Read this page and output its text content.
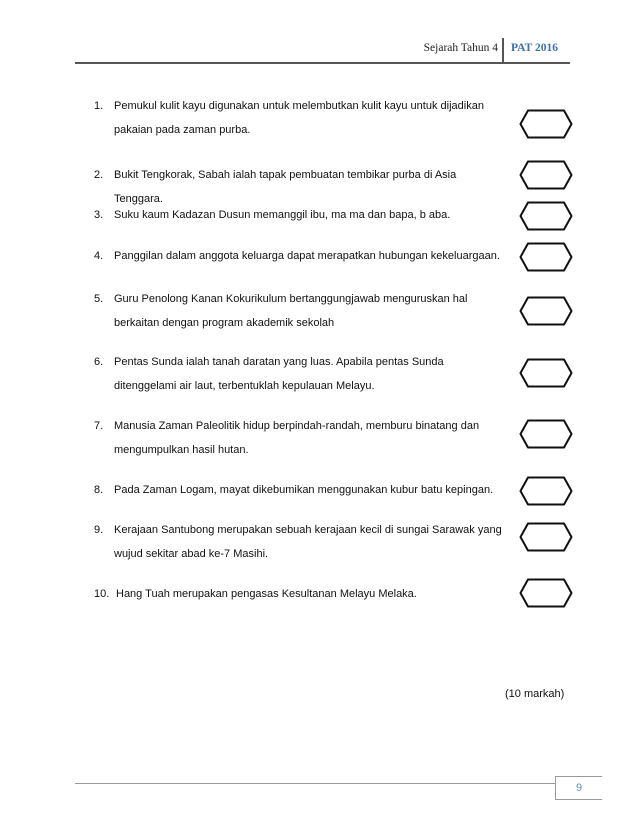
Sejarah Tahun 4 PAT 2016
1. Pemukul kulit kayu digunakan untuk melembutkan kulit kayu untuk dijadikan pakaian pada zaman purba.
2. Bukit Tengkorak, Sabah ialah tapak pembuatan tembikar purba di Asia Tenggara.
3. Suku kaum Kadazan Dusun memanggil ibu, ma ma dan bapa, b aba.
4. Panggilan dalam anggota keluarga dapat merapatkan hubungan kekeluargaan.
5. Guru Penolong Kanan Kokurikulum bertanggungjawab menguruskan hal berkaitan dengan program akademik sekolah
6. Pentas Sunda ialah tanah daratan yang luas. Apabila pentas Sunda ditenggelami air laut, terbentuklah kepulauan Melayu.
7. Manusia Zaman Paleolitik hidup berpindah-randah, memburu binatang dan mengumpulkan hasil hutan.
8. Pada Zaman Logam, mayat dikebumikan menggunakan kubur batu kepingan.
9. Kerajaan Santubong merupakan sebuah kerajaan kecil di sungai Sarawak yang wujud sekitar abad ke-7 Masihi.
10. Hang Tuah merupakan pengasas Kesultanan Melayu Melaka.
(10 markah)
9
